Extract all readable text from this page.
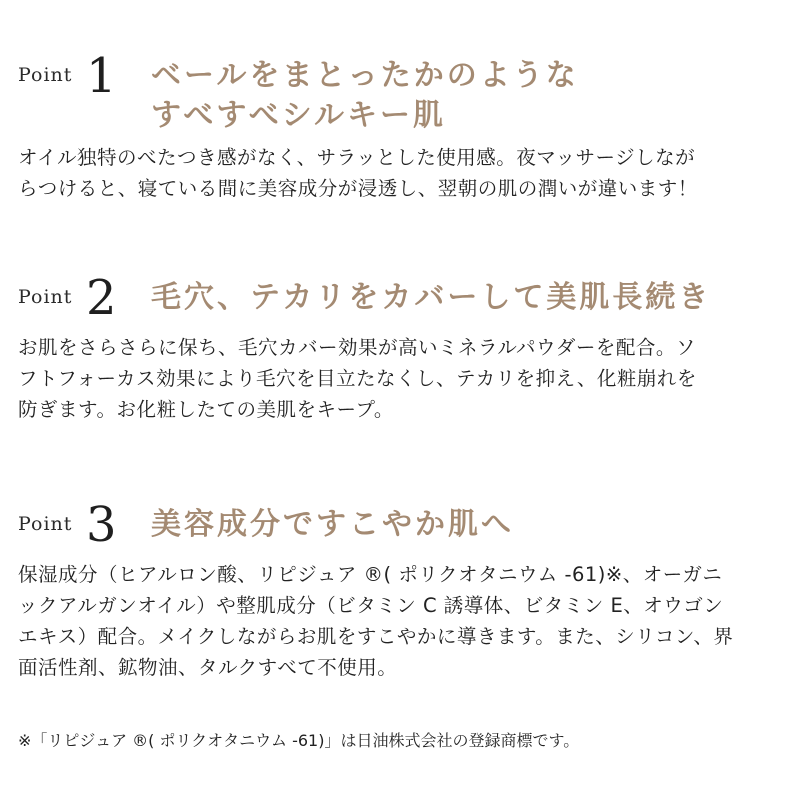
Point 1 ベールをまとったかのような
すべすべシルキー肌
オイル独特のべたつき感がなく、サラッとした使用感。夜マッサージしなが
らつけると、寝ている間に美容成分が浸透し、翌朝の肌の潤いが違います！
Point 2 毛穴、テカリをカバーして美肌長続き
お肌をさらさらに保ち、毛穴カバー効果が高いミネラルパウダーを配合。ソ
フトフォーカス効果により毛穴を目立たなくし、テカリを抑え、化粧崩れを
防ぎます。お化粧したての美肌をキープ。
Point 3 美容成分ですこやか肌へ
保湿成分（ヒアルロン酸、リピジュア ®( ポリクオタニウム -61)※、オーガニ
ックアルガンオイル）や整肌成分（ビタミン C 誘導体、ビタミン E、オウゴン
エキス）配合。メイクしながらお肌をすこやかに導きます。また、シリコン、界
面活性剤、鉱物油、タルクすべて不使用。

※「リピジュア ®( ポリクオタニウム -61)」は日油株式会社の登録商標です。
